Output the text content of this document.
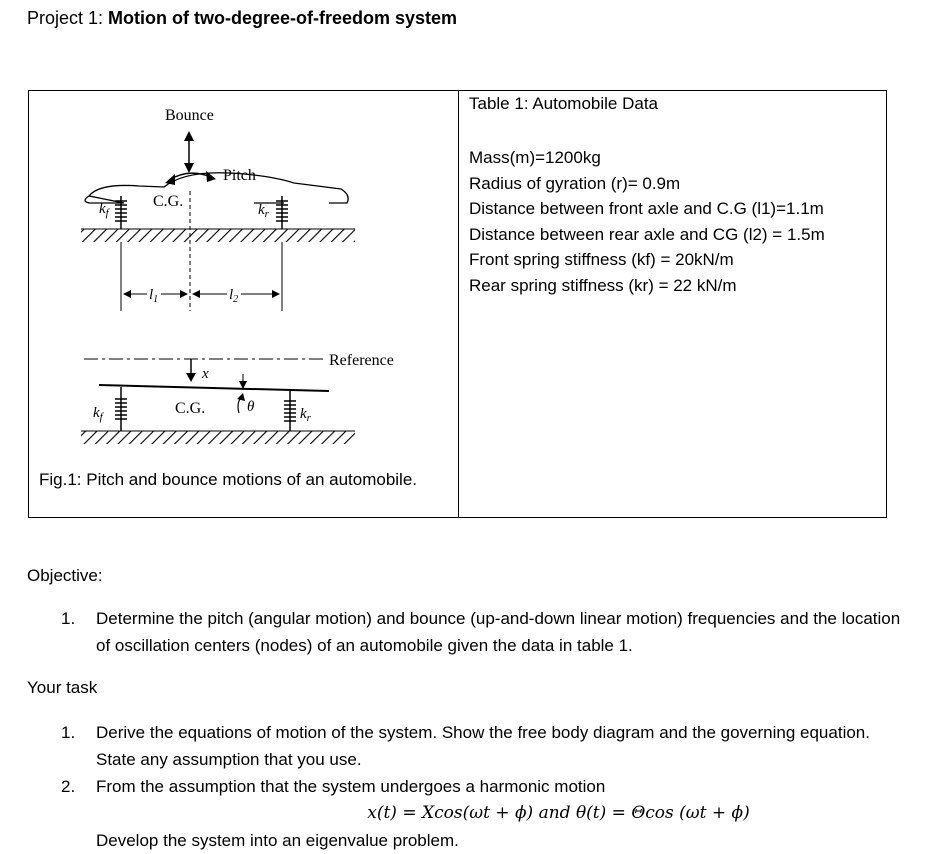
Project 1: Motion of two-degree-of-freedom system
Bounce
Pitch
C.G.
$k_f$	$k_r$
$l_1$	$l_2$
Reference
x
C.G.	θ
$k_f$	$k_r$
Fig.1: Pitch and bounce motions of an automobile.
Table 1: Automobile Data
Mass(m)=1200kg
Radius of gyration (r)= 0.9m
Distance between front axle and C.G (l1)=1.1m
Distance between rear axle and CG (l2) = 1.5m
Front spring stiffness (kf) = 20kN/m
Rear spring stiffness (kr) = 22 kN/m
Objective:
1. Determine the pitch (angular motion) and bounce (up-and-down linear motion) frequencies and the location of oscillation centers (nodes) of an automobile given the data in table 1.
Your task
1. Derive the equations of motion of the system. Show the free body diagram and the governing equation. State any assumption that you use.
2. From the assumption that the system undergoes a harmonic motion
x(t) = Xcos(ωt + ϕ) and θ(t) = Θcos (ωt + ϕ)
Develop the system into an eigenvalue problem.
